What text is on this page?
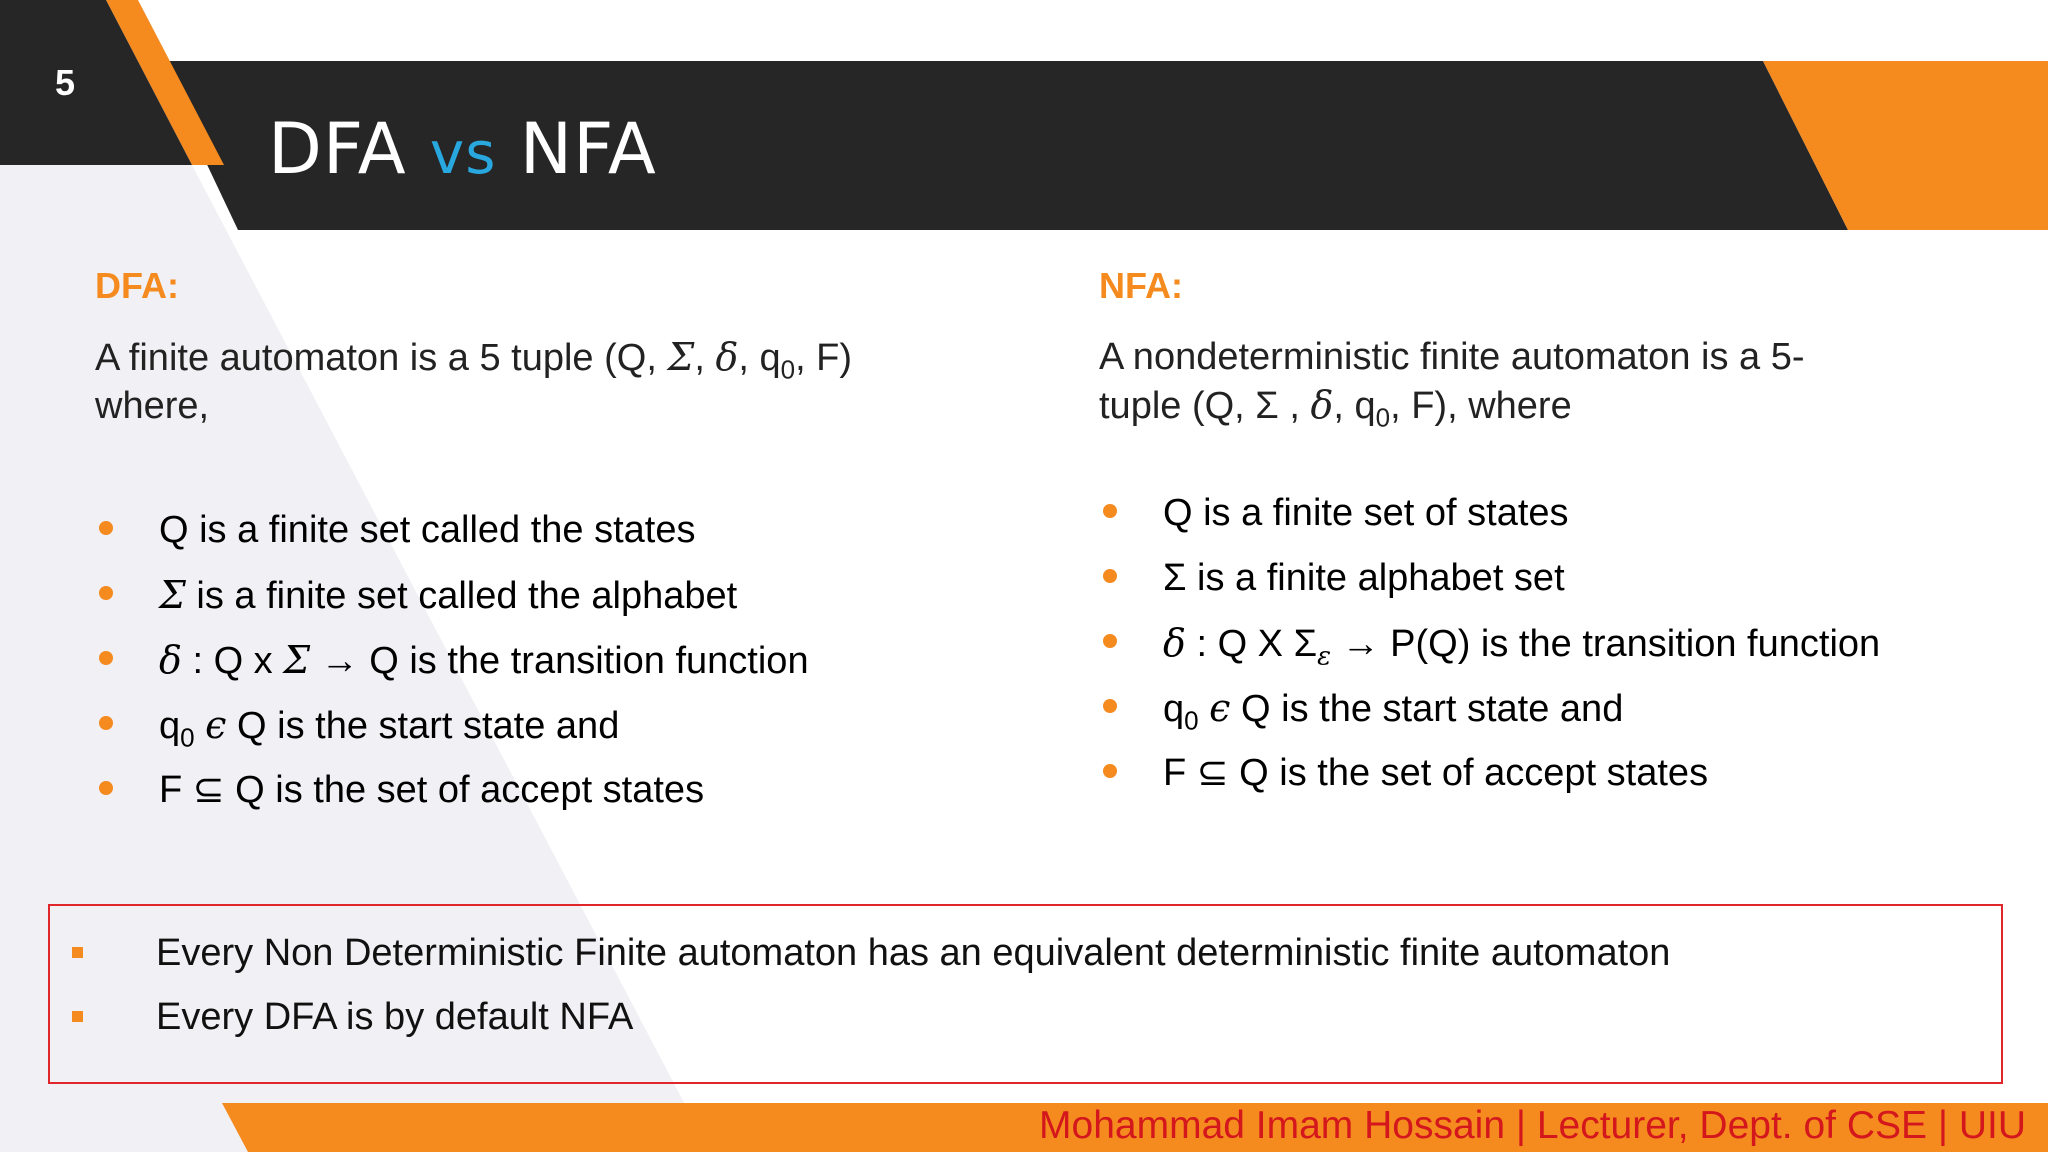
5
DFA vs NFA
DFA:

A finite automaton is a 5 tuple (Q, Σ, δ, $q_0$, F)
where,

Q is a finite set called the states
Σ is a finite set called the alphabet
δ : Q x Σ → Q is the transition function
$q_0$ ϵ Q is the start state and
F ⊆ Q is the set of accept states
NFA:

A nondeterministic finite automaton is a 5-
tuple (Q, Σ , δ, $q_0$, F), where

Q is a finite set of states
Σ is a finite alphabet set
δ : Q X $\Sigma_\varepsilon \to P(Q)$ is the transition function
$q_0$ ϵ Q is the start state and
F ⊆ Q is the set of accept states
Every Non Deterministic Finite automaton has an equivalent deterministic finite automaton
Every DFA is by default NFA
Mohammad Imam Hossain | Lecturer, Dept. of CSE | UIU
